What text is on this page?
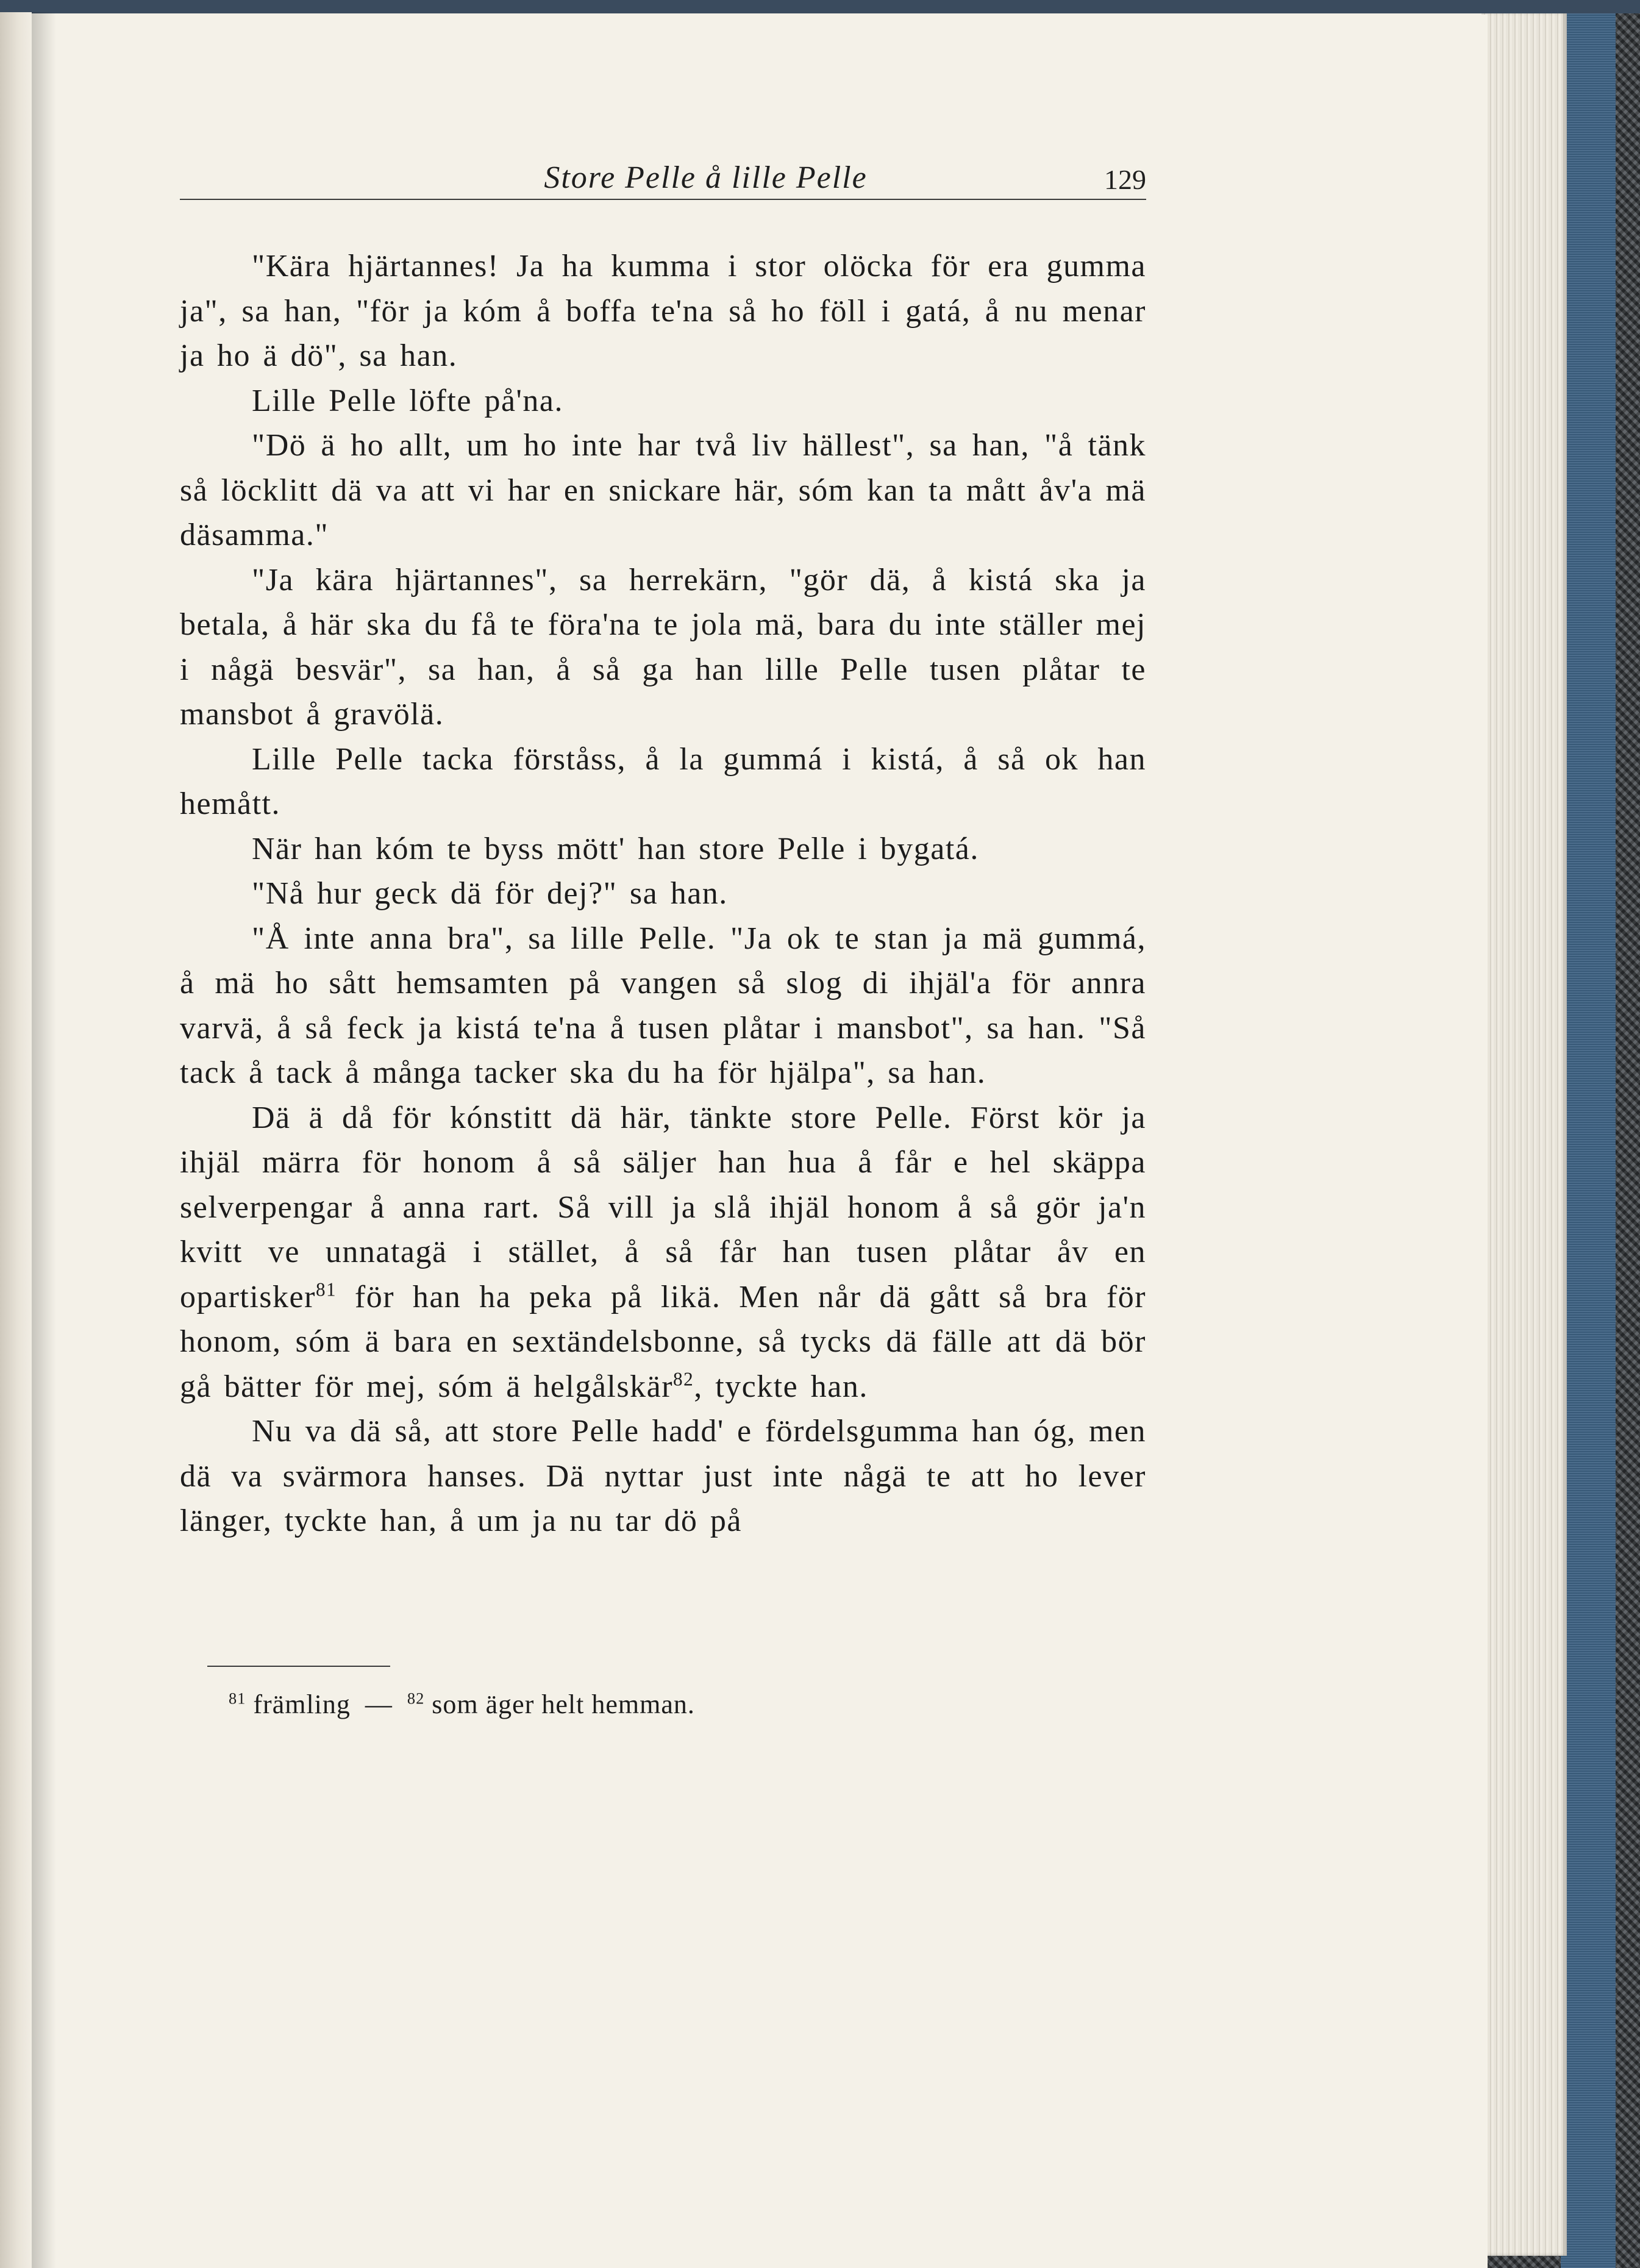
Store Pelle å lille Pelle	129

"Kära hjärtannes! Ja ha kumma i stor olöcka för era gumma ja", sa han, "för ja kóm å boffa te'na så ho föll i gatá, å nu menar ja ho ä dö", sa han.

Lille Pelle löfte på'na.

"Dö ä ho allt, um ho inte har två liv hällest", sa han, "å tänk så löcklitt dä va att vi har en snickare här, sóm kan ta mått åv'a mä däsamma."

"Ja kära hjärtannes", sa herrekärn, "gör dä, å kistá ska ja betala, å här ska du få te föra'na te jola mä, bara du inte ställer mej i någä besvär", sa han, å så ga han lille Pelle tusen plåtar te mansbot å gravölä.

Lille Pelle tacka förståss, å la gummá i kistá, å så ok han hemått.

När han kóm te byss mött' han store Pelle i bygatá.

"Nå hur geck dä för dej?" sa han.

"Å inte anna bra", sa lille Pelle. "Ja ok te stan ja mä gummá, å mä ho sått hemsamten på vangen så slog di ihjäl'a för annra varvä, å så feck ja kistá te'na å tusen plåtar i mansbot", sa han. "Så tack å tack å många tacker ska du ha för hjälpa", sa han.

Dä ä då för kónstitt dä här, tänkte store Pelle. Först kör ja ihjäl märra för honom å så säljer han hua å får e hel skäppa selverpengar å anna rart. Så vill ja slå ihjäl honom å så gör ja'n kvitt ve unnatagä i stället, å så får han tusen plåtar åv en opartisker$^{81}$ för han ha peka på likä. Men når dä gått så bra för honom, sóm ä bara en sextändelsbonne, så tycks dä fälle att dä bör gå bätter för mej, sóm ä helgålskär$^{82}$, tyckte han.

Nu va dä så, att store Pelle hadd' e fördelsgumma han óg, men dä va svärmora hanses. Dä nyttar just inte någä te att ho lever länger, tyckte han, å um ja nu tar dö på

$^{81}$ främling — $^{82}$ som äger helt hemman.
